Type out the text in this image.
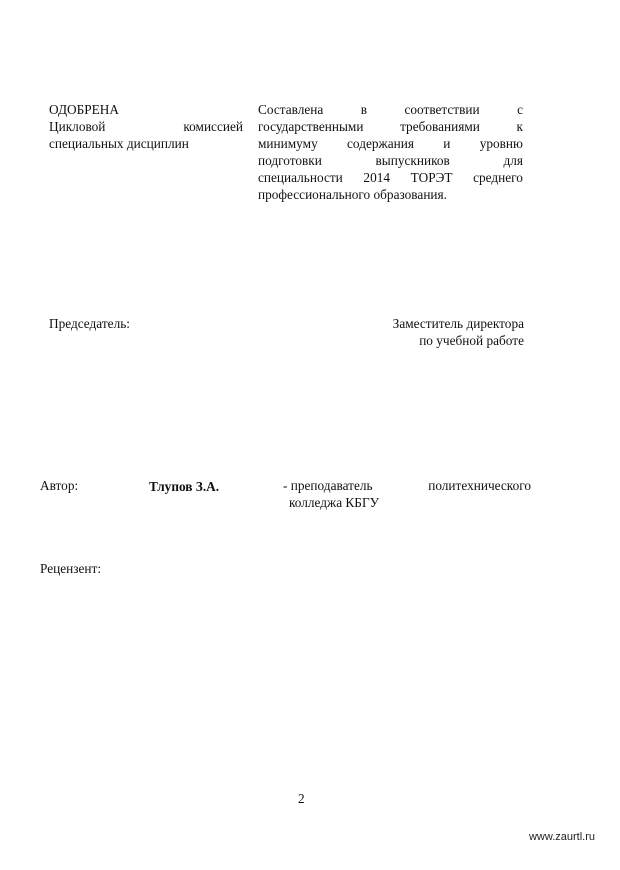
ОДОБРЕНА
Цикловой	комиссией
специальных дисциплин
Составлена	в	соответствии	с
государственными	требованиями	к
минимуму содержания и уровню
подготовки	выпускников	для
специальности 2014 ТОРЭТ среднего
профессионального образования.
Председатель:	Заместитель директора
по учебной работе
Автор:	Тлупов З.А.	- преподаватель	политехнического
колледжа КБГУ
Рецензент:
2
www.zaurtl.ru
